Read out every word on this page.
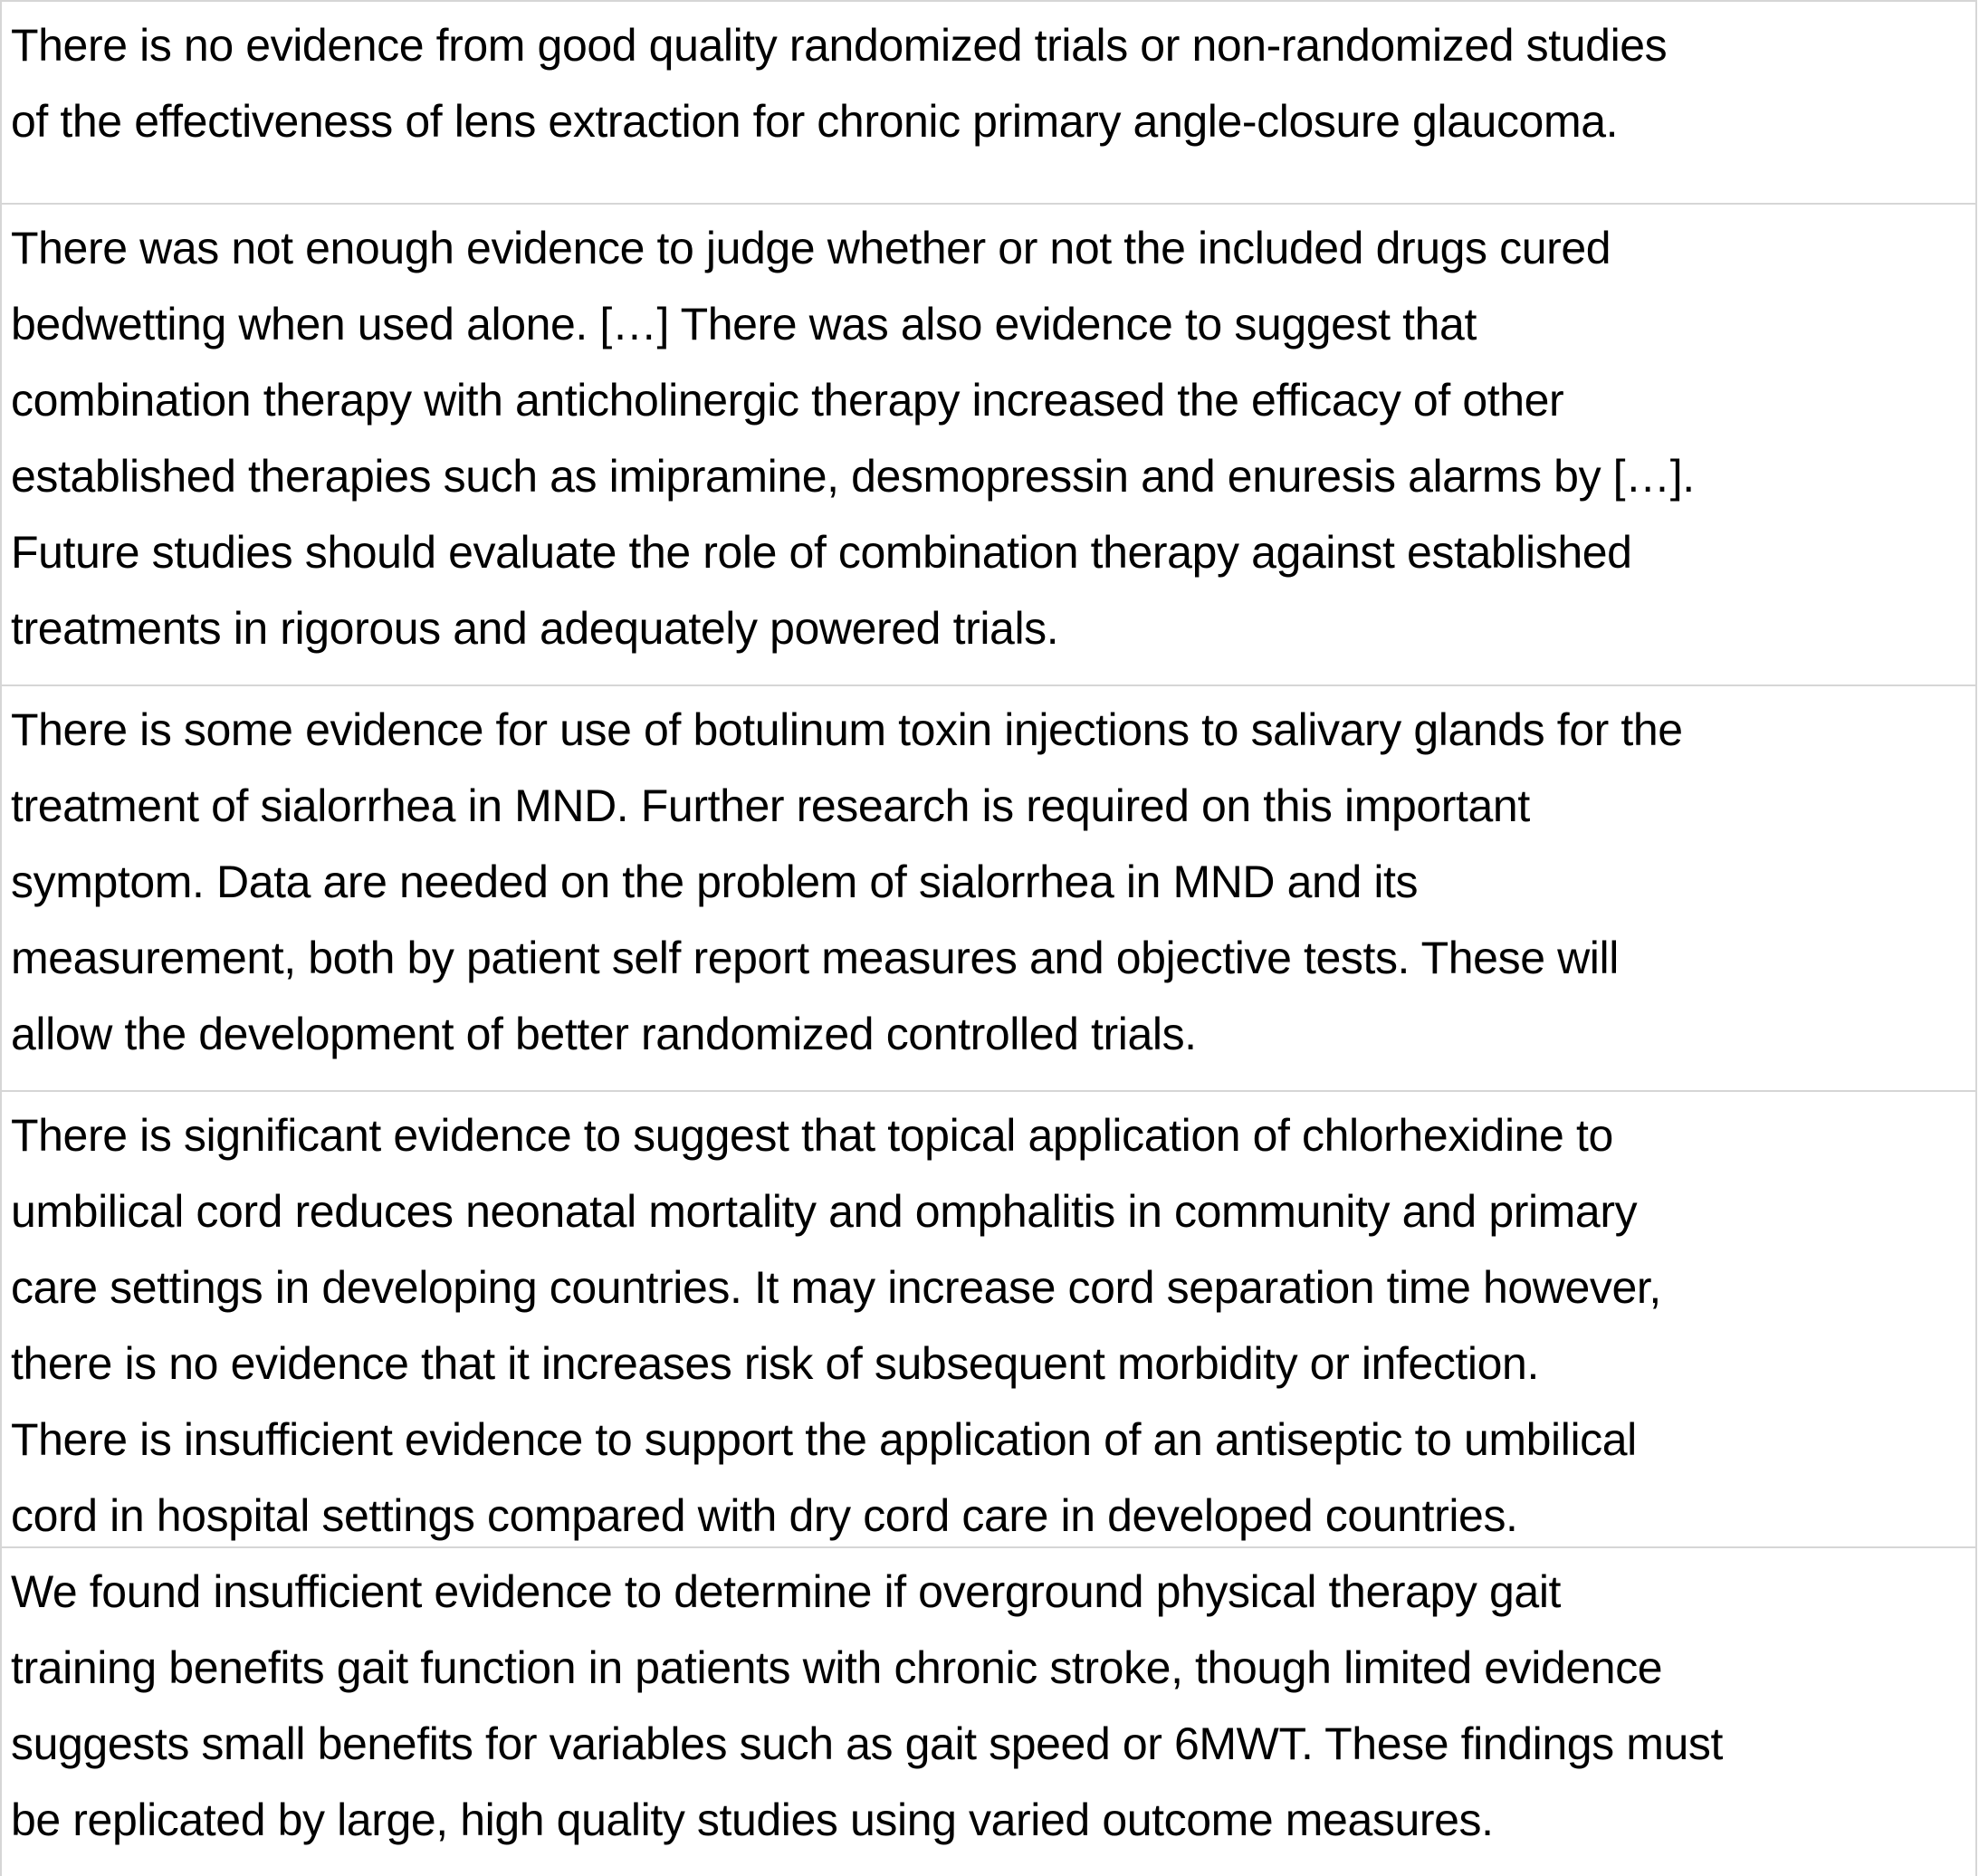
There is no evidence from good quality randomized trials or non-randomized studies
of the effectiveness of lens extraction for chronic primary angle-closure glaucoma.

There was not enough evidence to judge whether or not the included drugs cured
bedwetting when used alone. […] There was also evidence to suggest that
combination therapy with anticholinergic therapy increased the efficacy of other
established therapies such as imipramine, desmopressin and enuresis alarms by […].
Future studies should evaluate the role of combination therapy against established
treatments in rigorous and adequately powered trials.

There is some evidence for use of botulinum toxin injections to salivary glands for the
treatment of sialorrhea in MND. Further research is required on this important
symptom. Data are needed on the problem of sialorrhea in MND and its
measurement, both by patient self report measures and objective tests. These will
allow the development of better randomized controlled trials.

There is significant evidence to suggest that topical application of chlorhexidine to
umbilical cord reduces neonatal mortality and omphalitis in community and primary
care settings in developing countries. It may increase cord separation time however,
there is no evidence that it increases risk of subsequent morbidity or infection.
There is insufficient evidence to support the application of an antiseptic to umbilical
cord in hospital settings compared with dry cord care in developed countries.

We found insufficient evidence to determine if overground physical therapy gait
training benefits gait function in patients with chronic stroke, though limited evidence
suggests small benefits for variables such as gait speed or 6MWT. These findings must
be replicated by large, high quality studies using varied outcome measures.
